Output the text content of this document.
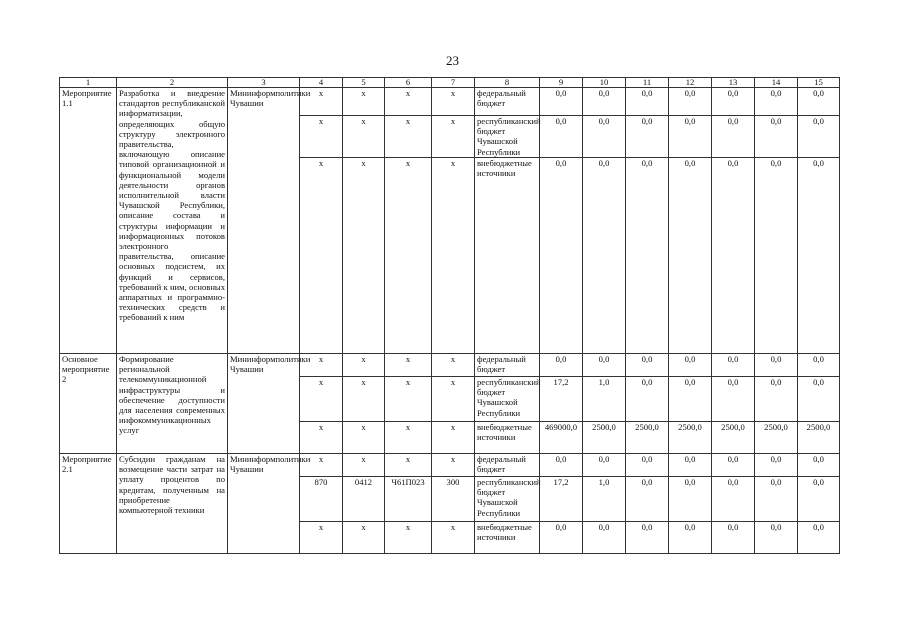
23
1	2	3	4	5	6	7	8	9	10	11	12	13	14	15
Мероприятие 1.1	Разработка и внедрение стандартов республиканской информатизации, определяющих общую структуру электронного правительства, включающую описание типовой организационной и функциональной модели деятельности органов исполнительной власти Чувашской Республики, описание состава и структуры информации и информационных потоков электронного правительства, описание основных подсистем, их функций и сервисов, требований к ним, основных аппаратных и программно-технических средств и требований к ним	Мининформполитики Чувашии	х	х	х	х	федеральный бюджет	0,0	0,0	0,0	0,0	0,0	0,0	0,0
			х	х	х	х	республиканский бюджет Чувашской Республики	0,0	0,0	0,0	0,0	0,0	0,0	0,0
			х	х	х	х	внебюджетные источники	0,0	0,0	0,0	0,0	0,0	0,0	0,0
Основное мероприятие 2	Формирование региональной телекоммуникационной инфраструктуры и обеспечение доступности для населения современных инфокоммуникационных услуг	Мининформполитики Чувашии	х	х	х	х	федеральный бюджет	0,0	0,0	0,0	0,0	0,0	0,0	0,0
			х	х	х	х	республиканский бюджет Чувашской Республики	17,2	1,0	0,0	0,0	0,0	0,0	0,0
			х	х	х	х	внебюджетные источники	469000,0	2500,0	2500,0	2500,0	2500,0	2500,0	2500,0
Мероприятие 2.1	Субсидии гражданам на возмещение части затрат на уплату процентов по кредитам, полученным на приобретение компьютерной техники	Мининформполитики Чувашии	х	х	х	х	федеральный бюджет	0,0	0,0	0,0	0,0	0,0	0,0	0,0
			870	0412	Ч61П023	300	республиканский бюджет Чувашской Республики	17,2	1,0	0,0	0,0	0,0	0,0	0,0
			х	х	х	х	внебюджетные источники	0,0	0,0	0,0	0,0	0,0	0,0	0,0
